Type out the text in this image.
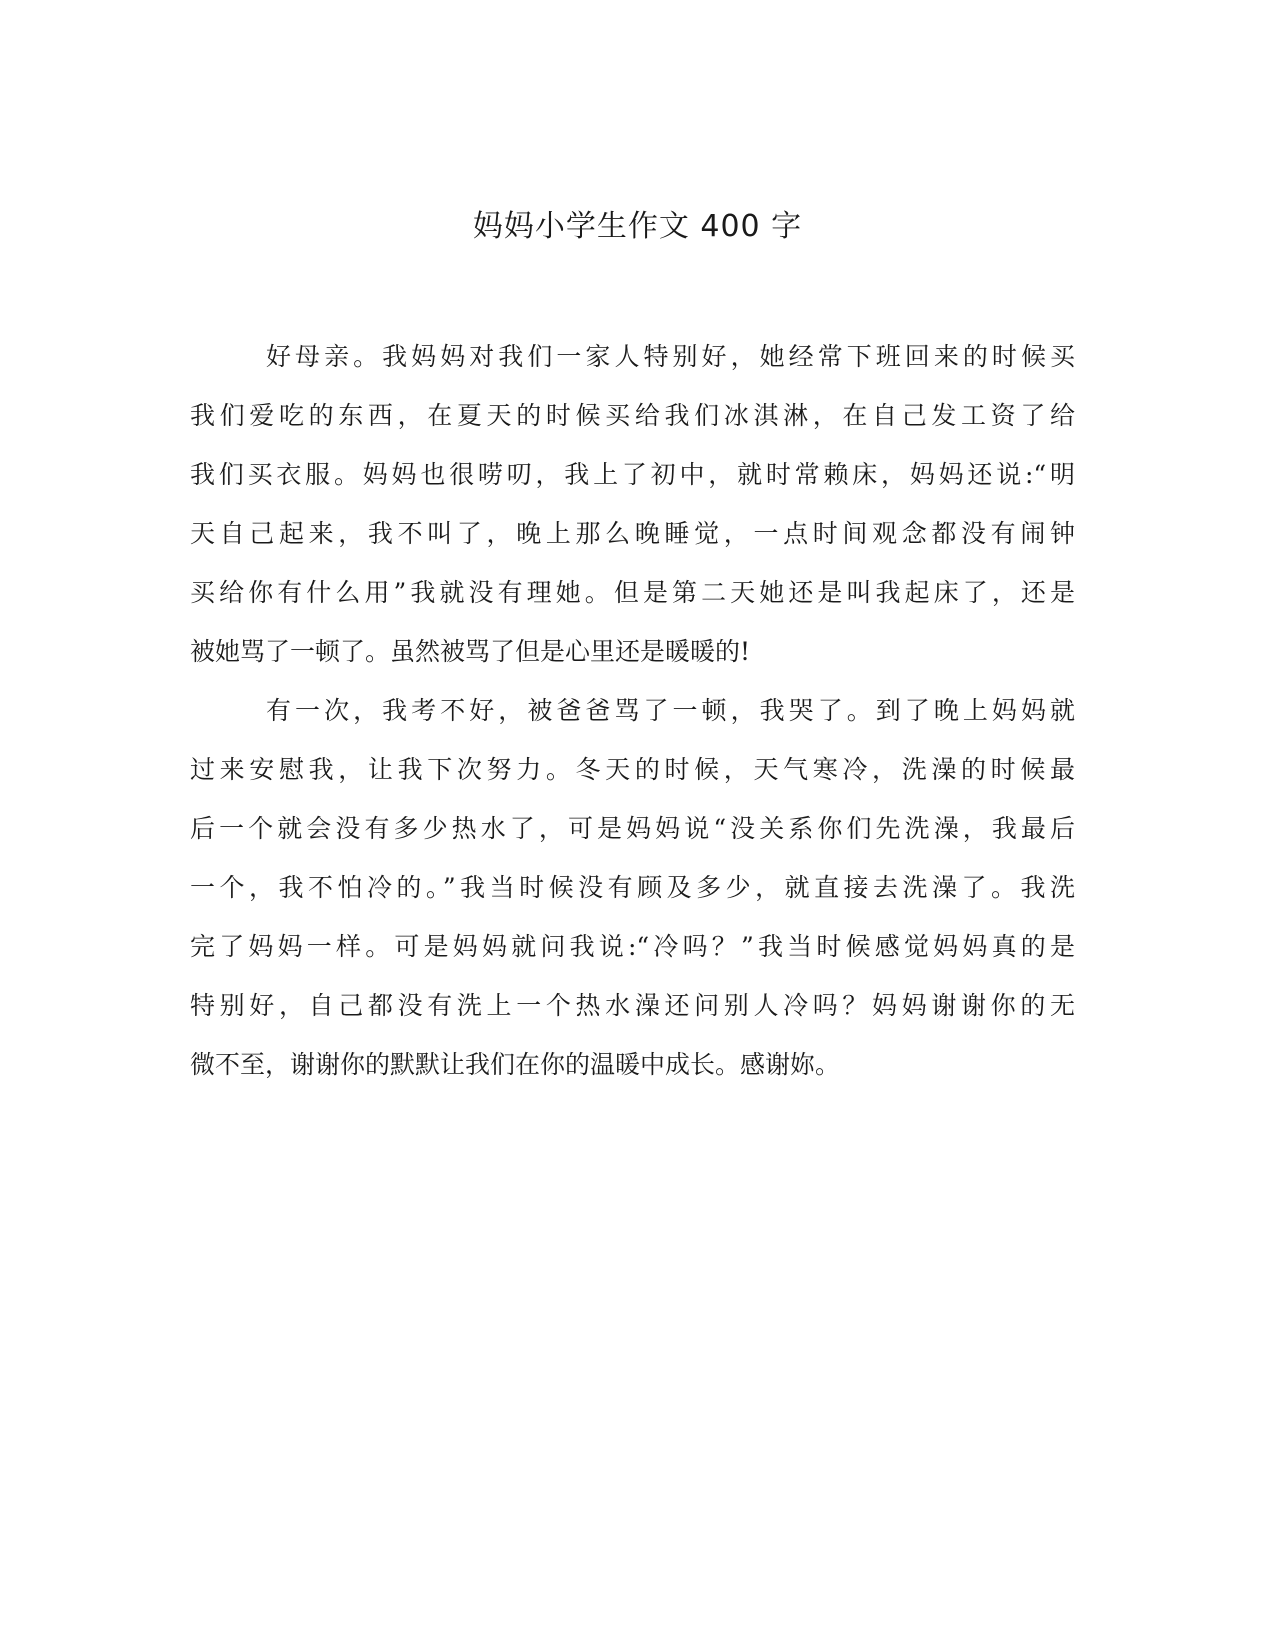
妈妈小学生作文 400 字
好母亲。我妈妈对我们一家人特别好，她经常下班回来的时候买
我们爱吃的东西，在夏天的时候买给我们冰淇淋，在自己发工资了给
我们买衣服。妈妈也很唠叨，我上了初中，就时常赖床，妈妈还说:“明
天自己起来，我不叫了，晚上那么晚睡觉，一点时间观念都没有闹钟
买给你有什么用”我就没有理她。但是第二天她还是叫我起床了，还是
被她骂了一顿了。虽然被骂了但是心里还是暖暖的!
有一次，我考不好，被爸爸骂了一顿，我哭了。到了晚上妈妈就
过来安慰我，让我下次努力。冬天的时候，天气寒冷，洗澡的时候最
后一个就会没有多少热水了，可是妈妈说“没关系你们先洗澡，我最后
一个，我不怕冷的。”我当时候没有顾及多少，就直接去洗澡了。我洗
完了妈妈一样。可是妈妈就问我说:“冷吗？”我当时候感觉妈妈真的是
特别好，自己都没有洗上一个热水澡还问别人冷吗？妈妈谢谢你的无
微不至，谢谢你的默默让我们在你的温暖中成长。感谢妳。
